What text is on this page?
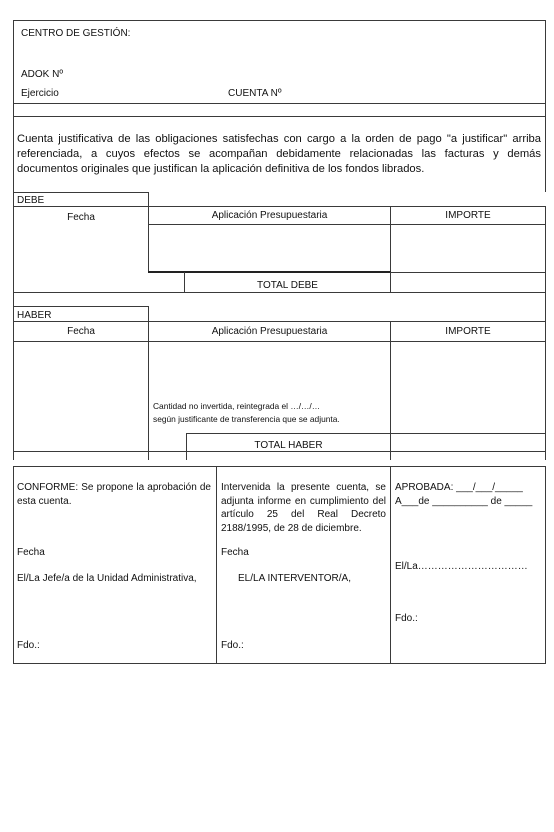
CENTRO DE GESTIÓN:
ADOK Nº
Ejercicio	CUENTA Nº
Cuenta justificativa de las obligaciones satisfechas con cargo a la orden de pago "a justificar" arriba referenciada, a cuyos efectos se acompañan debidamente relacionadas las facturas y demás documentos originales que justifican la aplicación definitiva de los fondos librados.
DEBE
Fecha	Aplicación Presupuestaria	IMPORTE
TOTAL DEBE
HABER
Fecha	Aplicación Presupuestaria	IMPORTE
Cantidad no invertida, reintegrada el …/…/…
según justificante de transferencia que se adjunta.
TOTAL HABER
CONFORME: Se propone la aprobación de esta cuenta.
Fecha
El/La Jefe/a de la Unidad Administrativa,
Fdo.:
Intervenida la presente cuenta, se adjunta informe en cumplimiento del artículo 25 del Real Decreto 2188/1995, de 28 de diciembre.
Fecha
EL/LA INTERVENTOR/A,
Fdo.:
APROBADA: ___/___/_____
A___de __________ de _____
El/La……………………………
Fdo.:
